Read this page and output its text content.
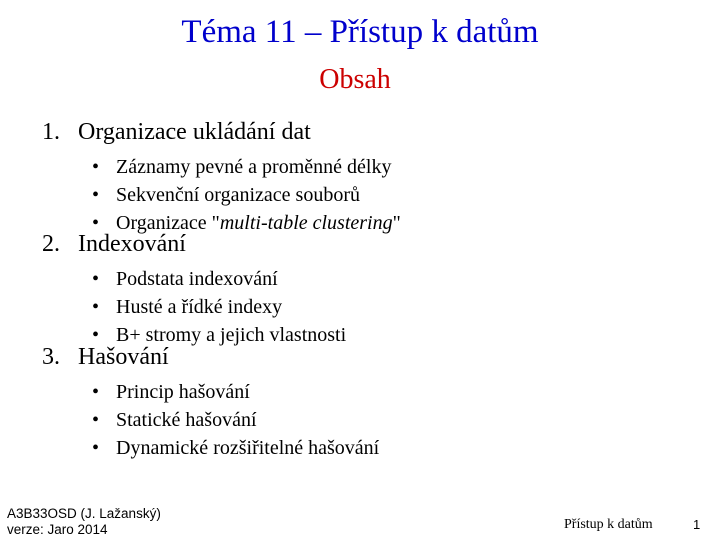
Téma 11 – Přístup k datům
Obsah
1. Organizace ukládání dat
• Záznamy pevné a proměnné délky
• Sekvenční organizace souborů
• Organizace "multi-table clustering"
2. Indexování
• Podstata indexování
• Husté a řídké indexy
• B+ stromy a jejich vlastnosti
3. Hašování
• Princip hašování
• Statické hašování
• Dynamické rozšiřitelné hašování
A3B33OSD (J. Lažanský)
verze: Jaro 2014	Přístup k datům	1
